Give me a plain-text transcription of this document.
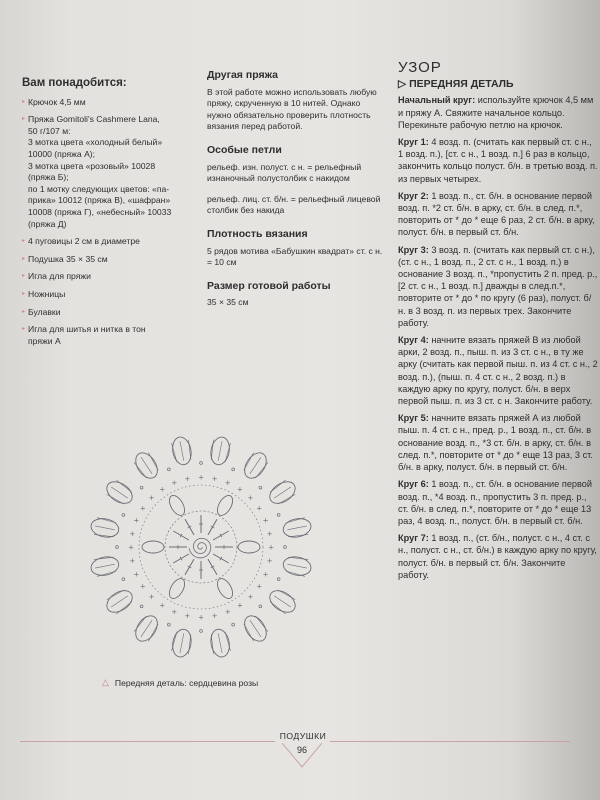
Вам понадобится:
▸ Крючок 4,5 мм
▸ Пряжа Gomitoli's Cashmere Lana,
50 г/107 м:
3 мотка цвета «холодный белый»
10000 (пряжа А);
3 мотка цвета «розовый» 10028
(пряжа Б);
по 1 мотку следующих цветов: «па-
прика» 10012 (пряжа В), «шафран»
10008 (пряжа Г), «небесный» 10033
(пряжа Д)
▸ 4 пуговицы 2 см в диаметре
▸ Подушка 35 × 35 см
▸ Игла для пряжи
▸ Ножницы
▸ Булавки
▸ Игла для шитья и нитка в тон
пряжи А
Другая пряжа
В этой работе можно использовать любую пряжу, скрученную в 10 нитей. Однако нужно обязательно проверить плотность вязания перед работой.
Особые петли
рельеф. изн. полуст. с н. = рельефный изнаночный полустолбик с накидом
рельеф. лиц. ст. б/н. = рельефный лицевой столбик без накида
Плотность вязания
5 рядов мотива «Бабушкин квадрат» ст. с н. = 10 см
Размер готовой работы
35 × 35 см
УЗОР
▷ ПЕРЕДНЯЯ ДЕТАЛЬ
Начальный круг: используйте крючок 4,5 мм и пряжу А. Свяжите начальное кольцо. Перекиньте рабочую петлю на крючок.
Круг 1: 4 возд. п. (считать как первый ст. с н., 1 возд. п.), [ст. с н., 1 возд. п.] 6 раз в кольцо, закончить кольцо полуст. б/н. в третью возд. п. из первых четырех.
Круг 2: 1 возд. п., ст. б/н. в основание первой возд. п. *2 ст. б/н. в арку, ст. б/н. в след. п.*, повторить от * до * еще 6 раз, 2 ст. б/н. в арку, полуст. б/н. в первый ст. б/н.
Круг 3: 3 возд. п. (считать как первый ст. с н.), (ст. с н., 1 возд. п., 2 ст. с н., 1 возд. п.) в основание 3 возд. п., *пропустить 2 п. пред. р., [2 ст. с н., 1 возд. п.] дважды в след.п.*, повторите от * до * по кругу (6 раз), полуст. б/н. в 3 возд. п. из первых трех. Закончите работу.
Круг 4: начните вязать пряжей В из любой арки, 2 возд. п., пыш. п. из 3 ст. с н., в ту же арку (считать как первой пыш. п. из 4 ст. с н., 2 возд. п.), (пыш. п. 4 ст. с н., 2 возд. п.) в каждую арку по кругу, полуст. б/н. в верх первой пыш. п. из 3 ст. с н. Закончите работу.
Круг 5: начните вязать пряжей А из любой пыш. п. 4 ст. с н., пред. р., 1 возд. п., ст. б/н. в основание возд. п., *3 ст. б/н. в арку, ст. б/н. в след. п.*, повторите от * до * еще 13 раз, 3 ст. б/н. в арку, полуст. б/н. в первый ст. б/н.
Круг 6: 1 возд. п., ст. б/н. в основание первой возд. п., *4 возд. п., пропустить 3 п. пред. р., ст. б/н. в след. п.*, повторите от * до * еще 13 раз, 4 возд. п., полуст. б/н. в первый ст. б/н.
Круг 7: 1 возд. п., (ст. б/н., полуст. с н., 4 ст. с н., полуст. с н., ст. б/н.) в каждую арку по кругу, полуст. б/н. в первый ст. б/н. Закончите работу.
+
+
+
+
+
+
+
+
+
+
+
+
+
+
+
+
+
+
+
+
+
+
+ + + + +
+
+
+
+
+
△ Передняя деталь: сердцевина розы
ПОДУШКИ
96
